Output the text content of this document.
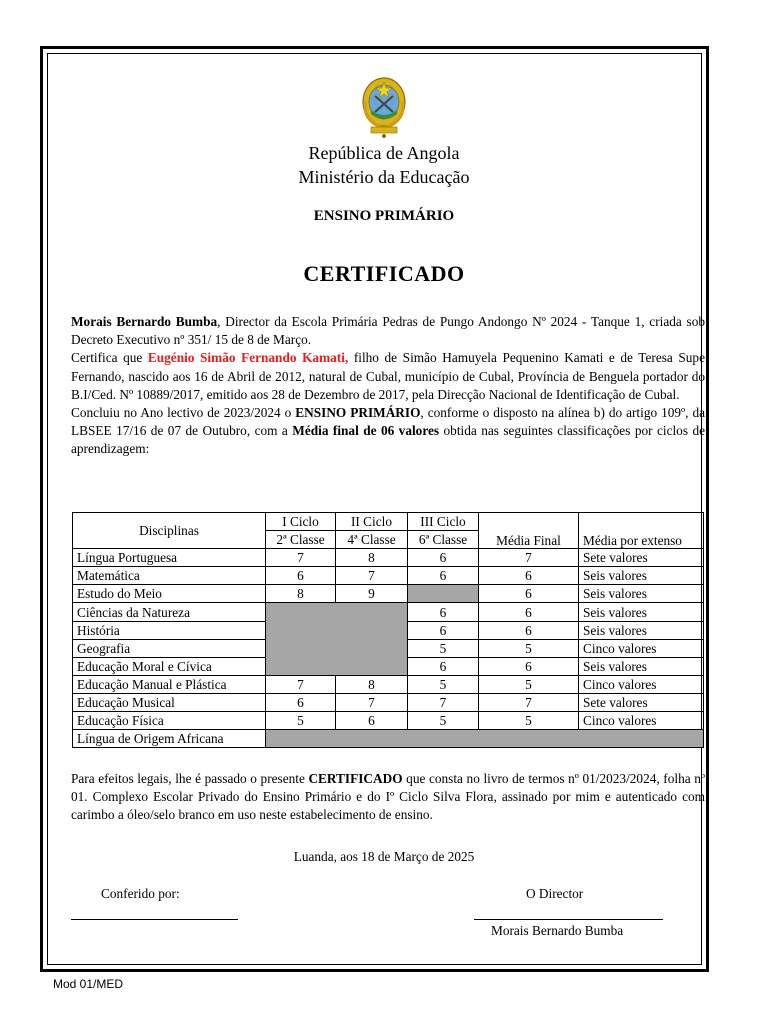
República de Angola
Ministério da Educação
ENSINO PRIMÁRIO
CERTIFICADO

Morais Bernardo Bumba, Director da Escola Primária Pedras de Pungo Andongo Nº 2024 - Tanque 1, criada sob Decreto Executivo nº 351/ 15 de 8 de Março.

Certifica que Eugénio Simão Fernando Kamati, filho de Simão Hamuyela Pequenino Kamati e de Teresa Supe Fernando, nascido aos 16 de Abril de 2012, natural de Cubal, município de Cubal, Província de Benguela portador do B.I/Ced. Nº 10889/2017, emitido aos 28 de Dezembro de 2017, pela Direcção Nacional de Identificação de Cubal.

Concluiu no Ano lectivo de 2023/2024 o ENSINO PRIMÁRIO, conforme o disposto na alínea b) do artigo 109º, da LBSEE 17/16 de 07 de Outubro, com a Média final de 06 valores obtida nas seguintes classificações por ciclos de aprendizagem:

Disciplinas	I Ciclo	II Ciclo	III Ciclo	Média Final	Média por extenso
	2ª Classe	4ª Classe	6ª Classe		
Língua Portuguesa	7	8	6	7	Sete valores
Matemática	6	7	6	6	Seis valores
Estudo do Meio	8	9		6	Seis valores
Ciências da Natureza			6	6	Seis valores
História			6	6	Seis valores
Geografia			5	5	Cinco valores
Educação Moral e Cívica			6	6	Seis valores
Educação Manual e Plástica	7	8	5	5	Cinco valores
Educação Musical	6	7	7	7	Sete valores
Educação Física	5	6	5	5	Cinco valores
Língua de Origem Africana					

Para efeitos legais, lhe é passado o presente CERTIFICADO que consta no livro de termos nº 01/2023/2024, folha nº 01. Complexo Escolar Privado do Ensino Primário e do Iº Ciclo Silva Flora, assinado por mim e autenticado com carimbo a óleo/selo branco em uso neste estabelecimento de ensino.

Luanda, aos 18 de Março de 2025
Conferido por:	O Director
Morais Bernardo Bumba
Mod 01/MED
